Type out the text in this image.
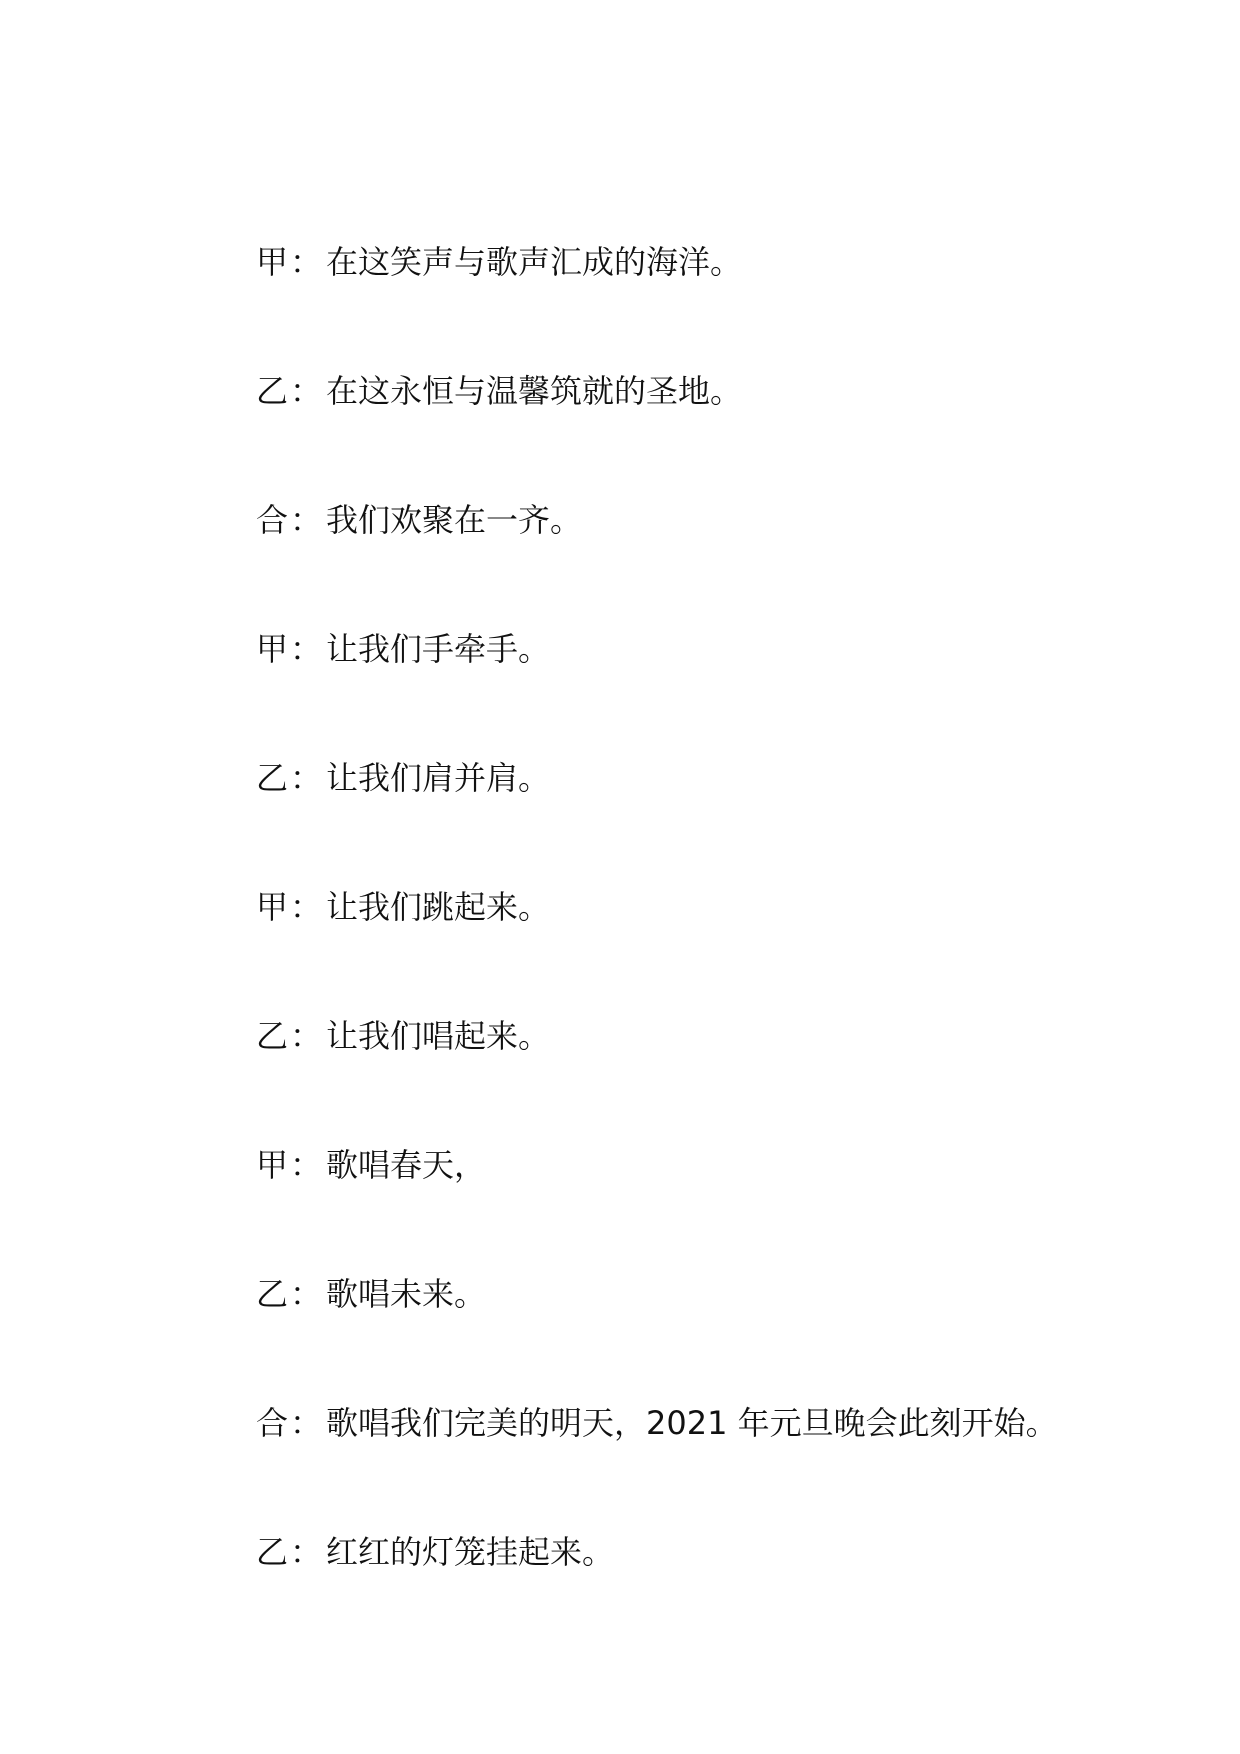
甲： 在这笑声与歌声汇成的海洋。
乙： 在这永恒与温馨筑就的圣地。
合： 我们欢聚在一齐。
甲： 让我们手牵手。
乙： 让我们肩并肩。
甲： 让我们跳起来。
乙： 让我们唱起来。
甲： 歌唱春天，
乙： 歌唱未来。
合： 歌唱我们完美的明天，2021 年元旦晚会此刻开始。
乙： 红红的灯笼挂起来。
